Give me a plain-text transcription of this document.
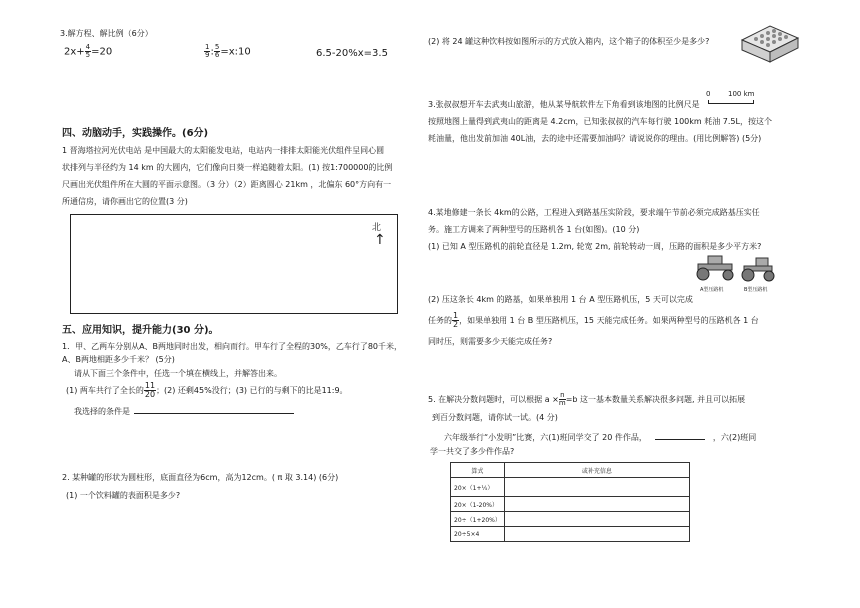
3.解方程、解比例（6分）
$2x+ \frac{4}{5} =20$	$\frac{1}{9}$ : $\frac{5}{6}$ =x:10	6.5-20%x=3.5
四、动脑动手，实践操作。(6分)
1 晋海塔拉河光伏电站 是中国最大的太阳能发电站，电站内一排排太阳能光伏组件呈同心圆
状排列与半径约为 14 km 的大圆内，它们像向日葵一样追随着太阳。(1) 按1:700000的比例
尺画出光伏组件所在大圆的平面示意图。（3 分）（2）距离圆心 21km ，北偏东 60°方向有一
所通信房，请你画出它的位置(3 分)
北
↑
五、应用知识，提升能力(30 分)。
1．甲、乙两车分别从A、B两地同时出发，相向而行。甲车行了全程的30%，乙车行了80千米，
A、B两地相距多少千米？ (5分)
请从下面三个条件中，任选一个填在横线上，并解答出来。
(1) 两车共行了全长的 $\frac{11}{20}$ ；(2) 还剩45%没行；(3) 已行的与剩下的比是11:9。
我选择的条件是
2. 某种罐的形状为圆柱形，底面直径为6cm，高为12cm。( π 取 3.14) (6分)
(1) 一个饮料罐的表面积是多少?
(2) 将 24 罐这种饮料按如图所示的方式放入箱内，这个箱子的体积至少是多少?
3.张叔叔想开车去武夷山旅游，他从某导航软件左下角看到该地图的比例尺是
按照地图上量得到武夷山的距离是 4.2cm，已知张叔叔的汽车每行驶 100km 耗油 7.5L，按这个
耗油量，他出发前加油 40L油，去的途中还需要加油吗？请说说你的理由。(用比例解答) (5分)
0	100 km
4.某地修建一条长 4km的公路，工程进入到路基压实阶段，要求端午节前必须完成路基压实任
务。施工方调来了两种型号的压路机各 1 台(如图)。(10 分)
(1) 已知 A 型压路机的前轮直径是 1.2m, 轮宽 2m, 前轮转动一周，压路的面积是多少平方米?
A型压路机	B型压路机
(2) 压这条长 4km 的路基，如果单独用 1 台 A 型压路机压，5 天可以完成
任务的 $\frac{1}{2}$ ，如果单独用 1 台 B 型压路机压，15 天能完成任务。如果两种型号的压路机各 1 台
同时压，则需要多少天能完成任务?
5. 在解决分数问题时，可以根据 $a \times \frac{n}{m} =b$ 这一基本数量关系解决很多问题, 并且可以拓展
到百分数问题，请你试一试。(4 分)
六年级举行“小发明”比赛，六(1)班同学交了 20 件作品，	，六(2)班同
学一共交了多少件作品?
算式	或补充信息
20×（1+⅕）	
20×（1-20%）	
20÷（1+20%）	
20÷5×4	
